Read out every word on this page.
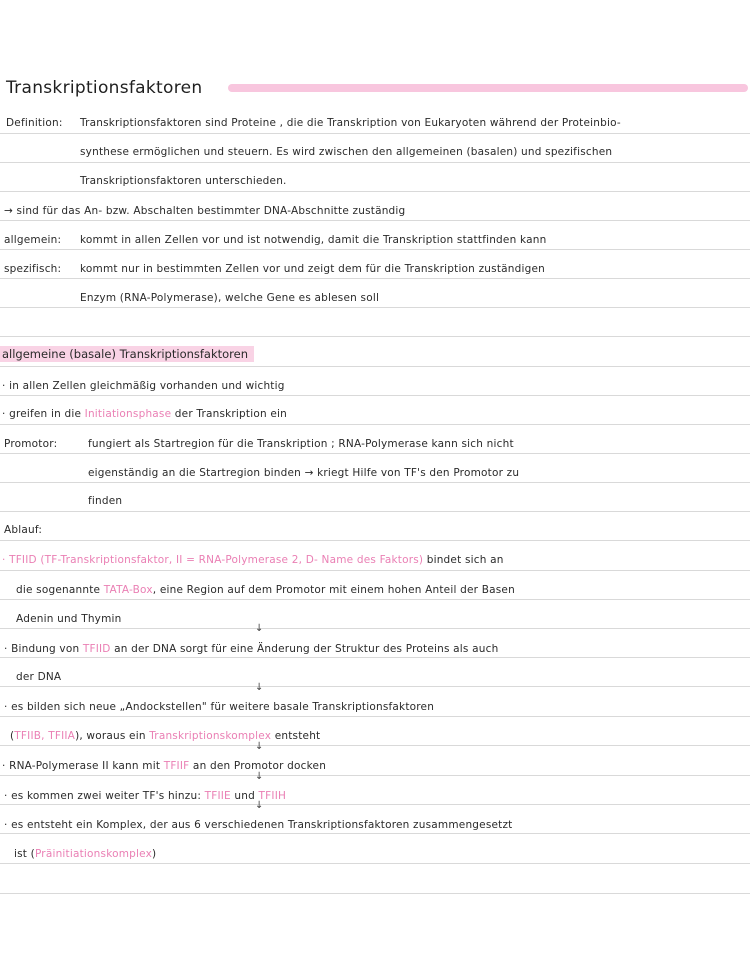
Transkriptionsfaktoren
Definition: Transkriptionsfaktoren sind Proteine , die die Transkription von Eukaryoten während der Proteinbio-
synthese ermöglichen und steuern. Es wird zwischen den allgemeinen (basalen) und spezifischen
Transkriptionsfaktoren unterschieden.
→ sind für das An- bzw. Abschalten bestimmter DNA-Abschnitte zuständig
allgemein: kommt in allen Zellen vor und ist notwendig, damit die Transkription stattfinden kann
spezifisch: kommt nur in bestimmten Zellen vor und zeigt dem für die Transkription zuständigen
Enzym (RNA-Polymerase), welche Gene es ablesen soll
allgemeine (basale) Transkriptionsfaktoren
· in allen Zellen gleichmäßig vorhanden und wichtig
· greifen in die Initiationsphase der Transkription ein
Promotor:	fungiert als Startregion für die Transkription ; RNA-Polymerase kann sich nicht
eigenständig an die Startregion binden → kriegt Hilfe von TF's den Promotor zu
finden
Ablauf:
· TFIID (TF-Transkriptionsfaktor, II = RNA-Polymerase 2, D- Name des Faktors) bindet sich an
die sogenannte TATA-Box, eine Region auf dem Promotor mit einem hohen Anteil der Basen
Adenin und Thymin
↓
· Bindung von TFIID an der DNA sorgt für eine Änderung der Struktur des Proteins als auch
der DNA
↓
· es bilden sich neue „Andockstellen" für weitere basale Transkriptionsfaktoren
(TFIIB, TFIIA), woraus ein Transkriptionskomplex entsteht
↓
· RNA-Polymerase II kann mit TFIIF an den Promotor docken
↓
· es kommen zwei weiter TF's hinzu: TFIIE und TFIIH
↓
· es entsteht ein Komplex, der aus 6 verschiedenen Transkriptionsfaktoren zusammengesetzt
ist (Präinitiationskomplex)
